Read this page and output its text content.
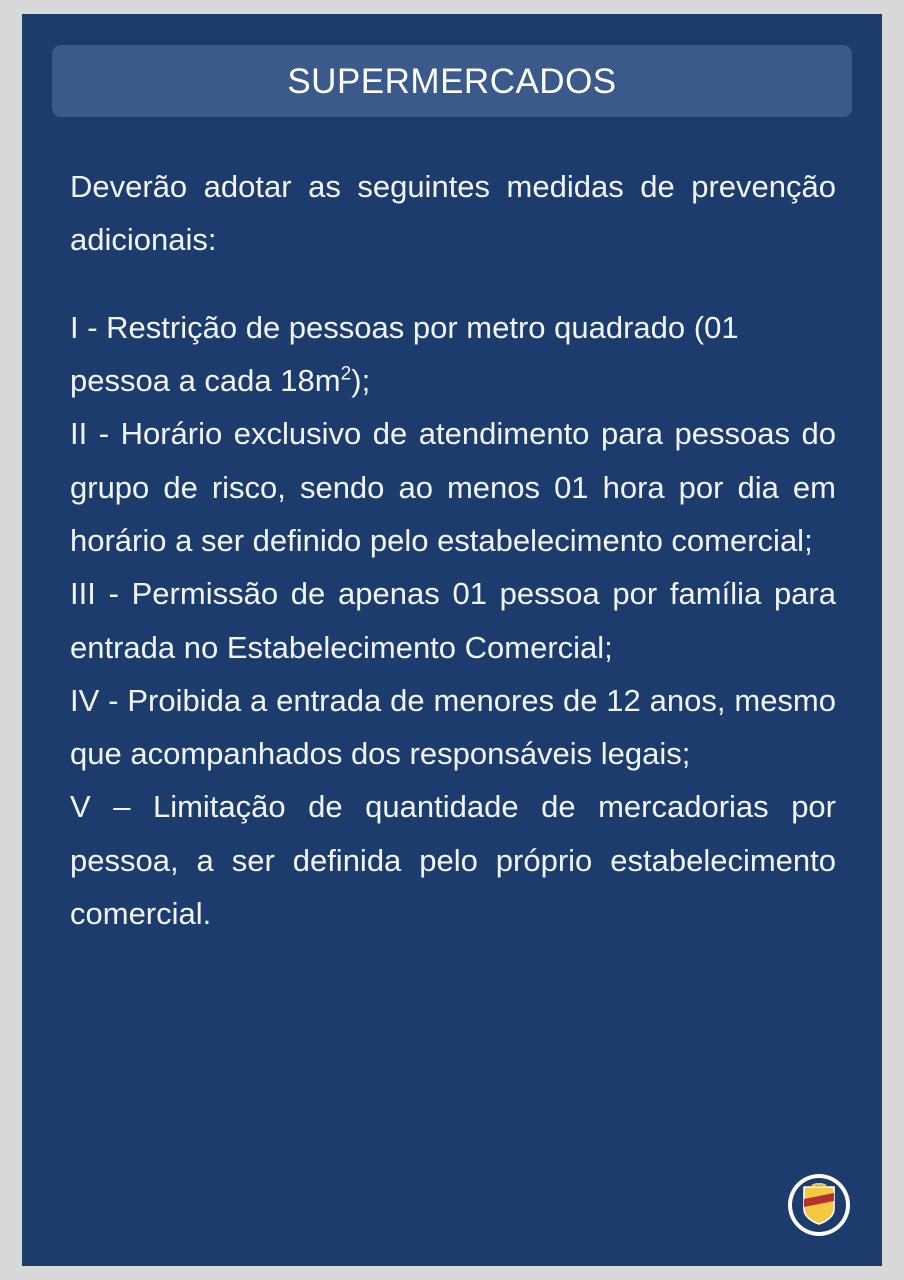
SUPERMERCADOS

Deverão adotar as seguintes medidas de prevenção adicionais:

I - Restrição de pessoas por metro quadrado (01 pessoa a cada $18m^2$);

II - Horário exclusivo de atendimento para pessoas do grupo de risco, sendo ao menos 01 hora por dia em horário a ser definido pelo estabelecimento comercial;

III - Permissão de apenas 01 pessoa por família para entrada no Estabelecimento Comercial;

IV - Proibida a entrada de menores de 12 anos, mesmo que acompanhados dos responsáveis legais;

V – Limitação de quantidade de mercadorias por pessoa, a ser definida pelo próprio estabelecimento comercial.
